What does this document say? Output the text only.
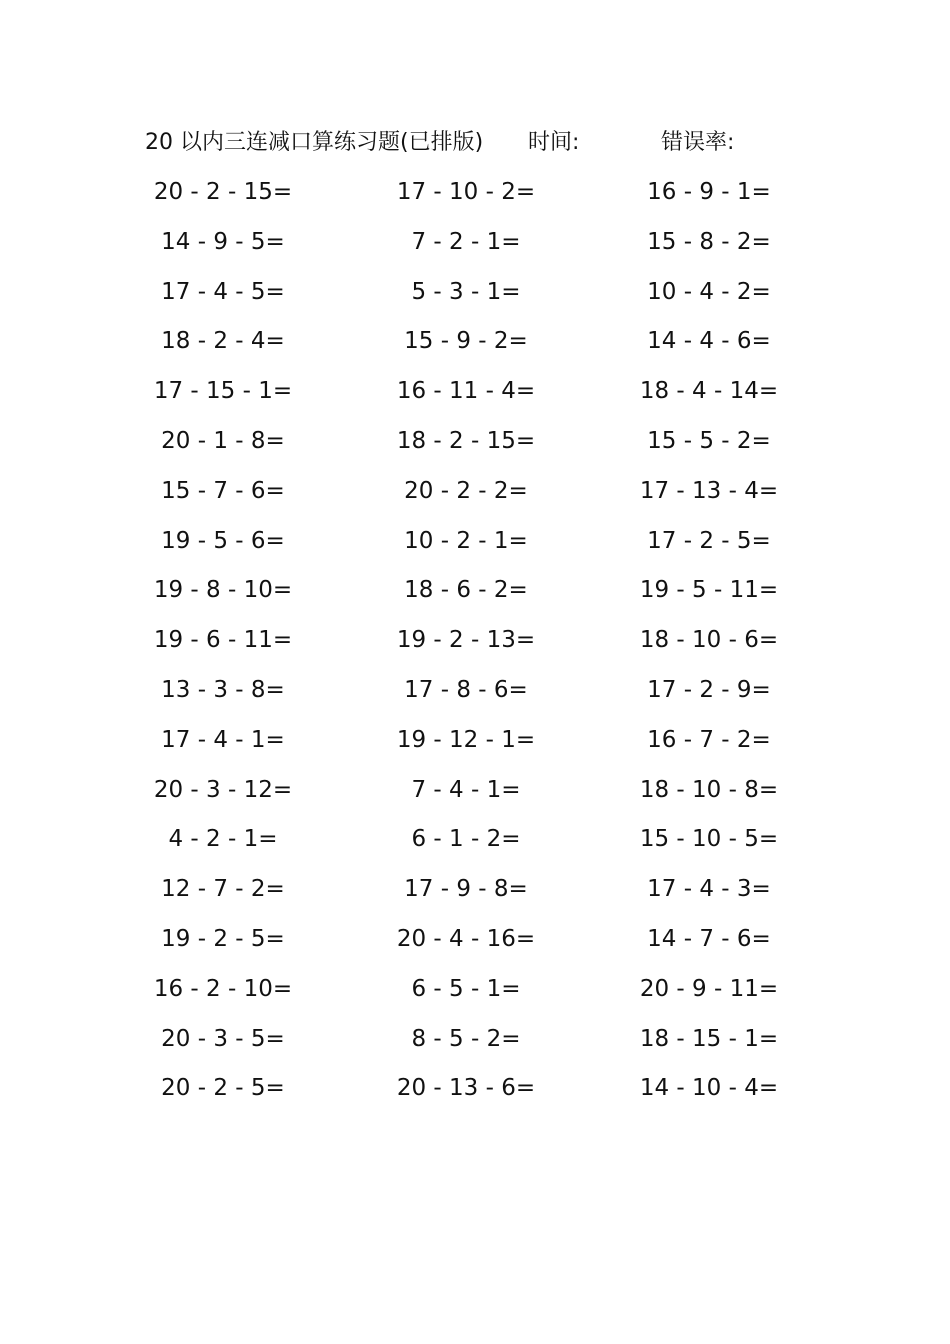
20 以内三连减口算练习题(已排版) 时间:	错误率:
20 - 2 - 15=	17 - 10 - 2=	16 - 9 - 1=
14 - 9 - 5=	7 - 2 - 1=	15 - 8 - 2=
17 - 4 - 5=	5 - 3 - 1=	10 - 4 - 2=
18 - 2 - 4=	15 - 9 - 2=	14 - 4 - 6=
17 - 15 - 1=	16 - 11 - 4=	18 - 4 - 14=
20 - 1 - 8=	18 - 2 - 15=	15 - 5 - 2=
15 - 7 - 6=	20 - 2 - 2=	17 - 13 - 4=
19 - 5 - 6=	10 - 2 - 1=	17 - 2 - 5=
19 - 8 - 10=	18 - 6 - 2=	19 - 5 - 11=
19 - 6 - 11=	19 - 2 - 13=	18 - 10 - 6=
13 - 3 - 8=	17 - 8 - 6=	17 - 2 - 9=
17 - 4 - 1=	19 - 12 - 1=	16 - 7 - 2=
20 - 3 - 12=	7 - 4 - 1=	18 - 10 - 8=
4 - 2 - 1=	6 - 1 - 2=	15 - 10 - 5=
12 - 7 - 2=	17 - 9 - 8=	17 - 4 - 3=
19 - 2 - 5=	20 - 4 - 16=	14 - 7 - 6=
16 - 2 - 10=	6 - 5 - 1=	20 - 9 - 11=
20 - 3 - 5=	8 - 5 - 2=	18 - 15 - 1=
20 - 2 - 5=	20 - 13 - 6=	14 - 10 - 4=
